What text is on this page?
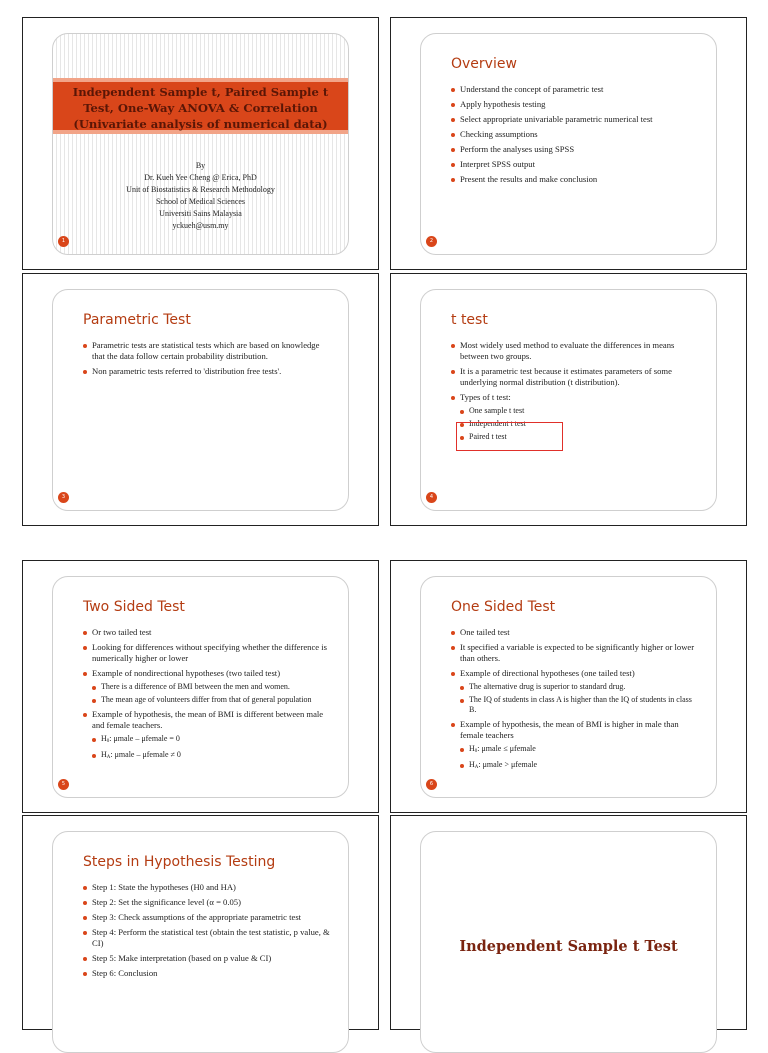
Independent Sample t, Paired Sample t
Test, One-Way ANOVA & Correlation
(Univariate analysis of numerical data)
By
Dr. Kueh Yee Cheng @ Erica, PhD
Unit of Biostatistics & Research Methodology
School of Medical Sciences
Universiti Sains Malaysia
yckueh@usm.my
1
Overview
Understand the concept of parametric test
Apply hypothesis testing
Select appropriate univariable parametric numerical test
Checking assumptions
Perform the analyses using SPSS
Interpret SPSS output
Present the results and make conclusion
2
Parametric Test
Parametric tests are statistical tests which are based on knowledge that the data follow certain probability distribution.
Non parametric tests referred to 'distribution free tests'.
3
t test
Most widely used method to evaluate the differences in means between two groups.
It is a parametric test because it estimates parameters of some underlying normal distribution (t distribution).
Types of t test:
One sample t test
Independent t test
Paired t test
4
Two Sided Test
Or two tailed test
Looking for differences without specifying whether the difference is numerically higher or lower
Example of nondirectional hypotheses (two tailed test)
There is a difference of BMI between the men and women.
The mean age of volunteers differ from that of general population
Example of hypothesis, the mean of BMI is different between male and female teachers.
$H_0$: μmale – μfemale = 0
$H_A$: μmale – μfemale ≠ 0
5
One Sided Test
One tailed test
It specified a variable is expected to be significantly higher or lower than others.
Example of directional hypotheses (one tailed test)
The alternative drug is superior to standard drug.
The IQ of students in class A is higher than the IQ of students in class B.
Example of hypothesis, the mean of BMI is higher in male than female teachers
$H_0$: μmale ≤ μfemale
$H_A$: μmale > μfemale
6
Steps in Hypothesis Testing
Step 1: State the hypotheses (H0 and HA)
Step 2: Set the significance level (α = 0.05)
Step 3: Check assumptions of the appropriate parametric test
Step 4: Perform the statistical test (obtain the test statistic, p value, & CI)
Step 5: Make interpretation (based on p value & CI)
Step 6: Conclusion
Independent Sample t Test
